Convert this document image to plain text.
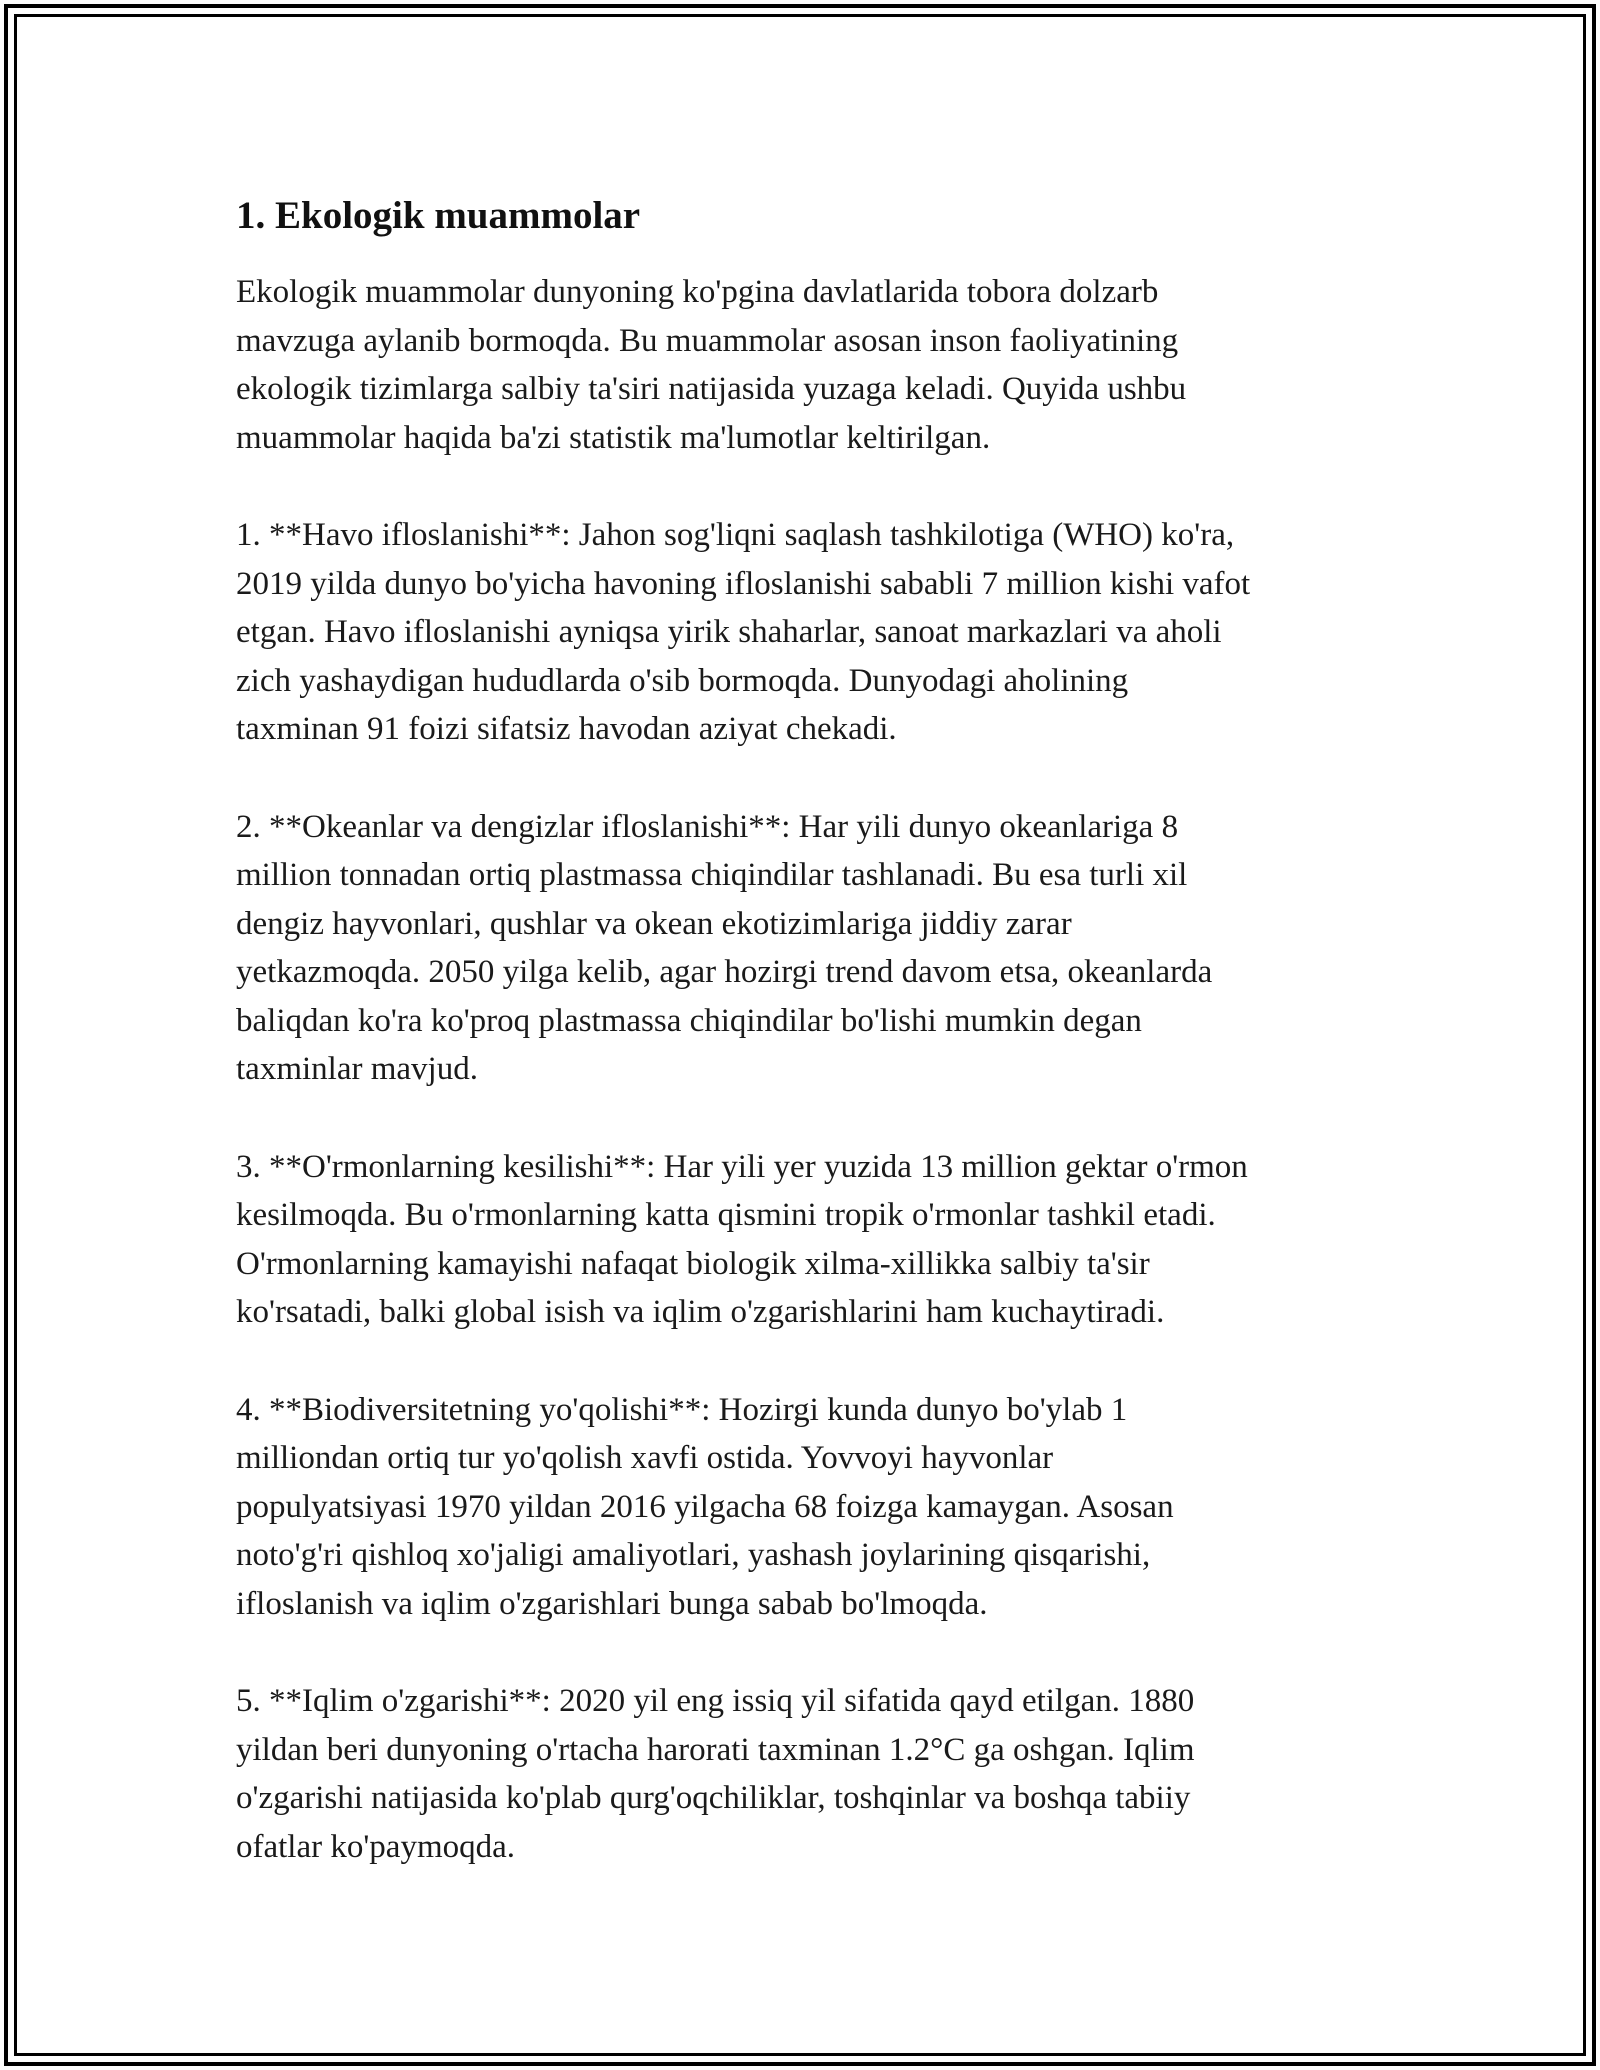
1. Ekologik muammolar

Ekologik muammolar dunyoning ko'pgina davlatlarida tobora dolzarb
mavzuga aylanib bormoqda. Bu muammolar asosan inson faoliyatining
ekologik tizimlarga salbiy ta'siri natijasida yuzaga keladi. Quyida ushbu
muammolar haqida ba'zi statistik ma'lumotlar keltirilgan.

1. **Havo ifloslanishi**: Jahon sog'liqni saqlash tashkilotiga (WHO) ko'ra,
2019 yilda dunyo bo'yicha havoning ifloslanishi sababli 7 million kishi vafot
etgan. Havo ifloslanishi ayniqsa yirik shaharlar, sanoat markazlari va aholi
zich yashaydigan hududlarda o'sib bormoqda. Dunyodagi aholining
taxminan 91 foizi sifatsiz havodan aziyat chekadi.

2. **Okeanlar va dengizlar ifloslanishi**: Har yili dunyo okeanlariga 8
million tonnadan ortiq plastmassa chiqindilar tashlanadi. Bu esa turli xil
dengiz hayvonlari, qushlar va okean ekotizimlariga jiddiy zarar
yetkazmoqda. 2050 yilga kelib, agar hozirgi trend davom etsa, okeanlarda
baliqdan ko'ra ko'proq plastmassa chiqindilar bo'lishi mumkin degan
taxminlar mavjud.

3. **O'rmonlarning kesilishi**: Har yili yer yuzida 13 million gektar o'rmon
kesilmoqda. Bu o'rmonlarning katta qismini tropik o'rmonlar tashkil etadi.
O'rmonlarning kamayishi nafaqat biologik xilma-xillikka salbiy ta'sir
ko'rsatadi, balki global isish va iqlim o'zgarishlarini ham kuchaytiradi.

4. **Biodiversitetning yo'qolishi**: Hozirgi kunda dunyo bo'ylab 1
milliondan ortiq tur yo'qolish xavfi ostida. Yovvoyi hayvonlar
populyatsiyasi 1970 yildan 2016 yilgacha 68 foizga kamaygan. Asosan
noto'g'ri qishloq xo'jaligi amaliyotlari, yashash joylarining qisqarishi,
ifloslanish va iqlim o'zgarishlari bunga sabab bo'lmoqda.

5. **Iqlim o'zgarishi**: 2020 yil eng issiq yil sifatida qayd etilgan. 1880
yildan beri dunyoning o'rtacha harorati taxminan 1.2°C ga oshgan. Iqlim
o'zgarishi natijasida ko'plab qurg'oqchiliklar, toshqinlar va boshqa tabiiy
ofatlar ko'paymoqda.
